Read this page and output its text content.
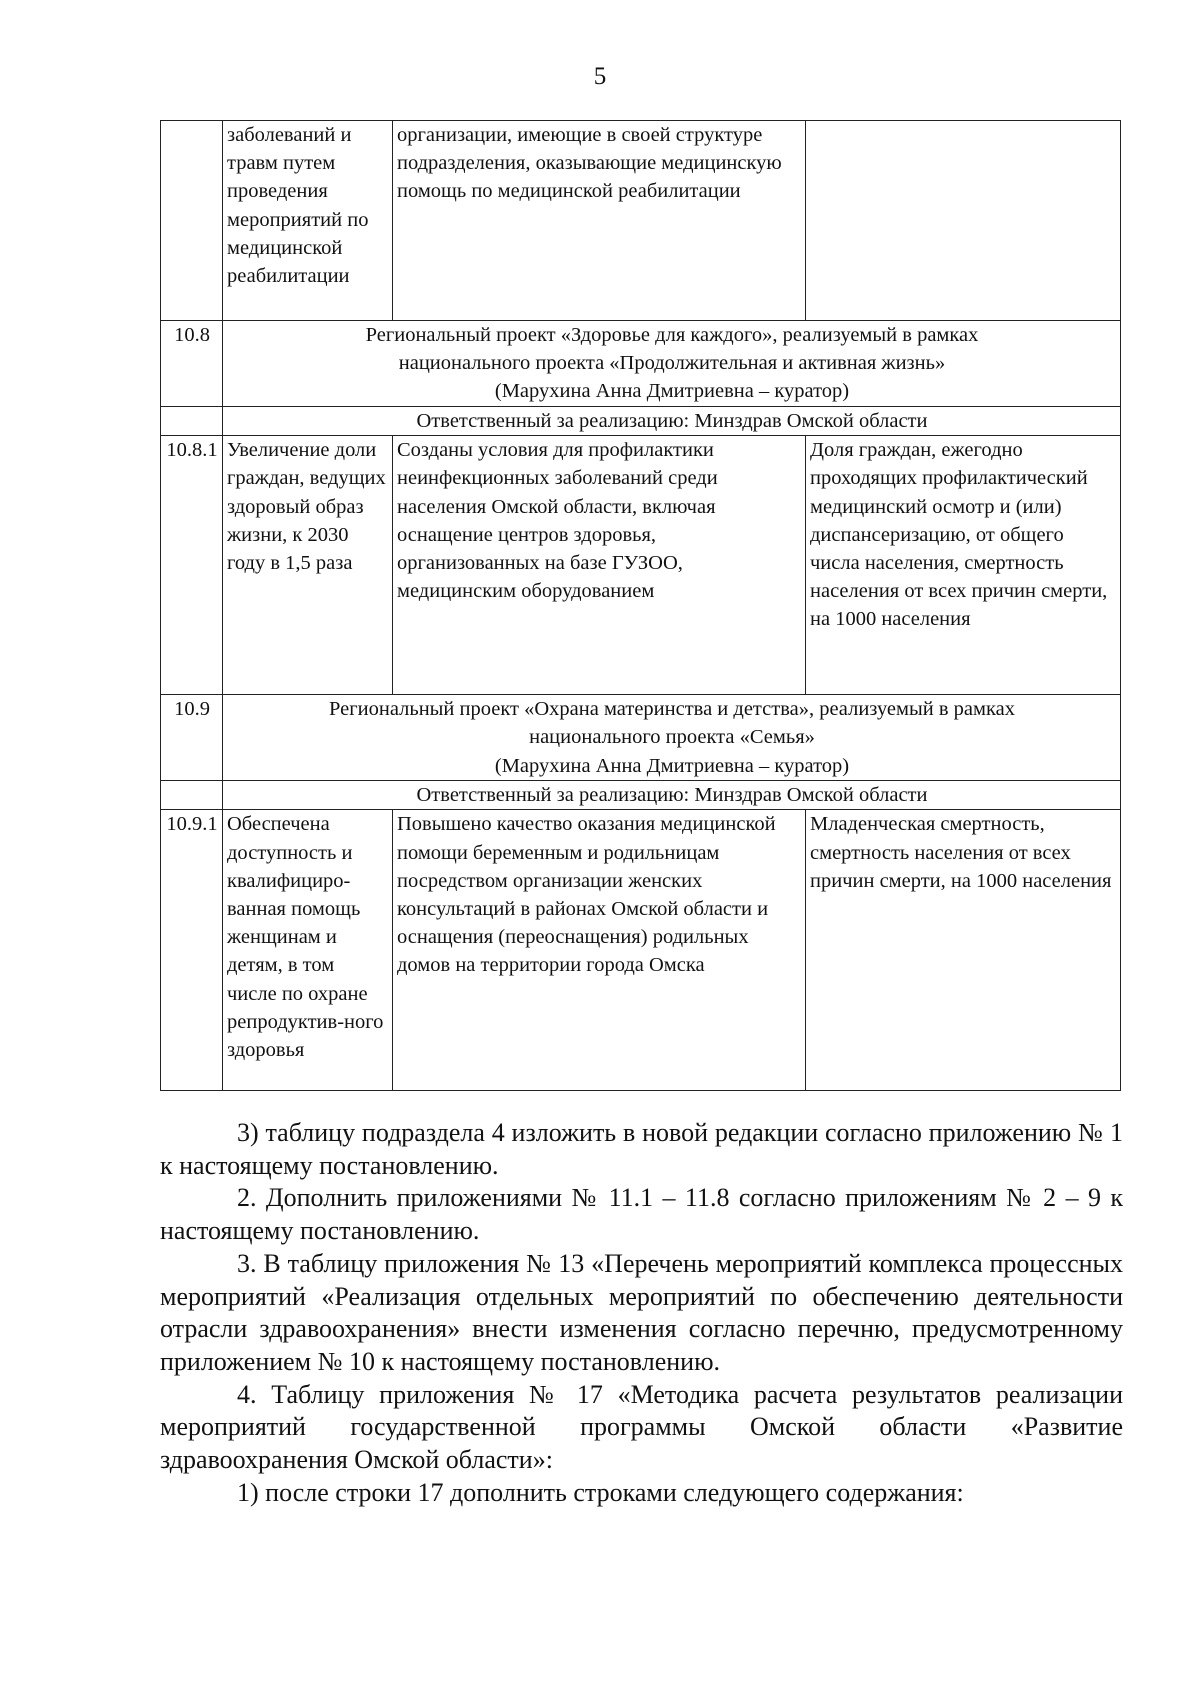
5
	заболеваний и травм путем проведения мероприятий по медицинской реабилитации	организации, имеющие в своей структуре подразделения, оказывающие медицинскую помощь по медицинской реабилитации	
10.8	Региональный проект «Здоровье для каждого», реализуемый в рамках
национального проекта «Продолжительная и активная жизнь»
(Марухина Анна Дмитриевна – куратор)		

	Ответственный за реализацию: Минздрав Омской области		
10.8.1	Увеличение доли граждан, ведущих здоровый образ жизни, к 2030 году в 1,5 раза	Созданы условия для профилактики неинфекционных заболеваний среди населения Омской области, включая оснащение центров здоровья, организованных на базе ГУЗОО, медицинским оборудованием	Доля граждан, ежегодно проходящих профилактический медицинский осмотр и (или) диспансеризацию, от общего числа населения, смертность населения от всех причин смерти, на 1000 населения
10.9	Региональный проект «Охрана материнства и детства», реализуемый в рамках
национального проекта «Семья»
(Марухина Анна Дмитриевна – куратор)		

	Ответственный за реализацию: Минздрав Омской области		
10.9.1	Обеспечена доступность и квалифициро-ванная помощь женщинам и детям, в том числе по охране репродуктив-ного здоровья	Повышено качество оказания медицинской помощи беременным и родильницам посредством организации женских консультаций в районах Омской области и оснащения (переоснащения) родильных домов на территории города Омска	Младенческая смертность, смертность населения от всех причин смерти, на 1000 населения

3) таблицу подраздела 4 изложить в новой редакции согласно приложению № 1 к настоящему постановлению.

2. Дополнить приложениями № 11.1 – 11.8 согласно приложениям № 2 – 9 к настоящему постановлению.

3. В таблицу приложения № 13 «Перечень мероприятий комплекса процессных мероприятий «Реализация отдельных мероприятий по обеспечению деятельности отрасли здравоохранения» внести изменения согласно перечню, предусмотренному приложением № 10 к настоящему постановлению.

4. Таблицу приложения № 17 «Методика расчета результатов реализации мероприятий государственной программы Омской области «Развитие здравоохранения Омской области»:

1) после строки 17 дополнить строками следующего содержания:
